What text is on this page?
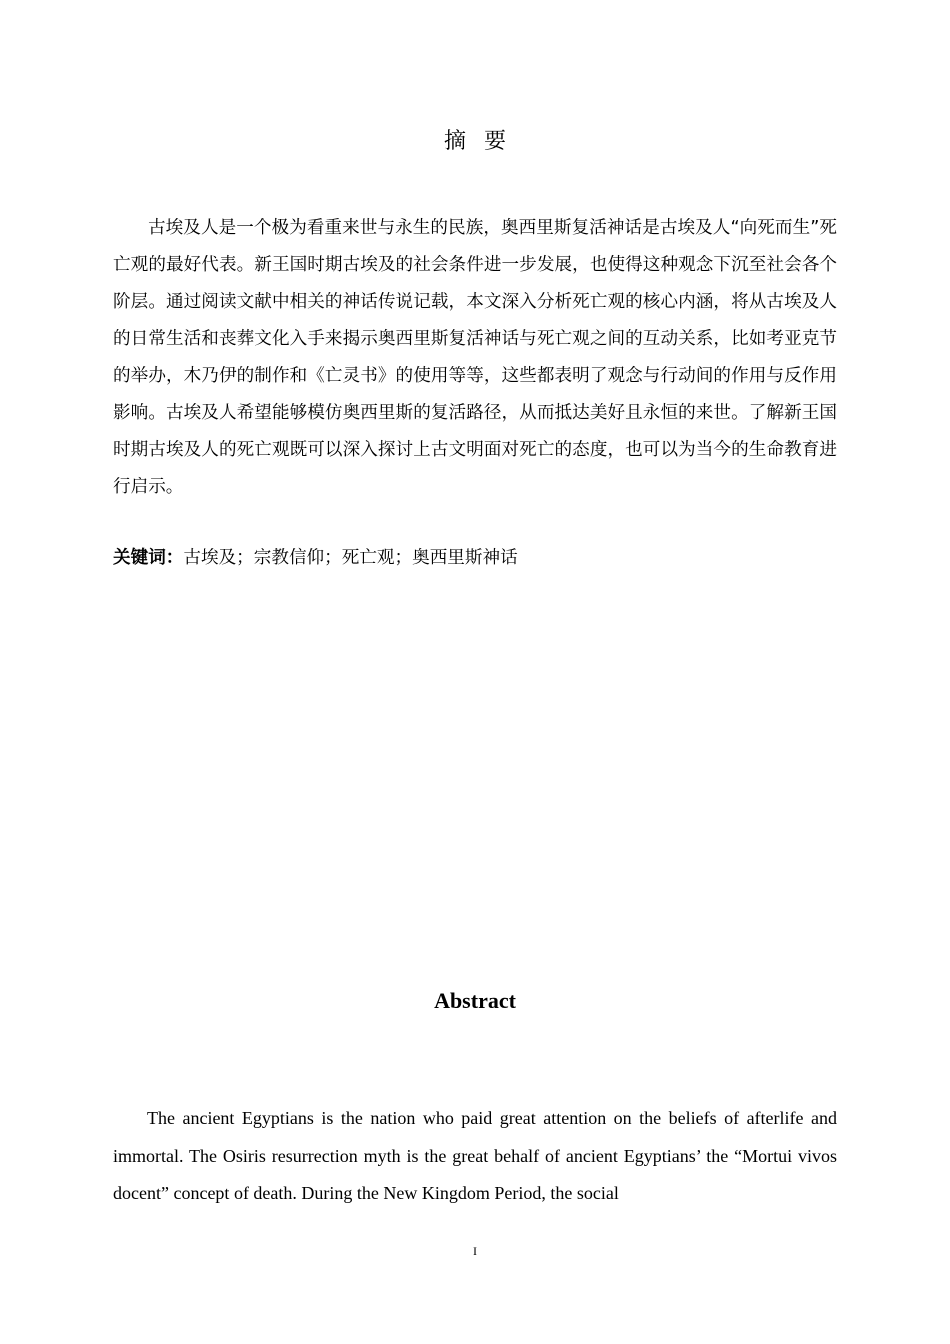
摘要

古埃及人是一个极为看重来世与永生的民族，奥西里斯复活神话是古埃及人“向死而生”死亡观的最好代表。新王国时期古埃及的社会条件进一步发展，也使得这种观念下沉至社会各个阶层。通过阅读文献中相关的神话传说记载，本文深入分析死亡观的核心内涵，将从古埃及人的日常生活和丧葬文化入手来揭示奥西里斯复活神话与死亡观之间的互动关系，比如考亚克节的举办，木乃伊的制作和《亡灵书》的使用等等，这些都表明了观念与行动间的作用与反作用影响。古埃及人希望能够模仿奥西里斯的复活路径，从而抵达美好且永恒的来世。了解新王国时期古埃及人的死亡观既可以深入探讨上古文明面对死亡的态度，也可以为当今的生命教育进行启示。

关键词：古埃及；宗教信仰；死亡观；奥西里斯神话

Abstract

The ancient Egyptians is the nation who paid great attention on the beliefs of afterlife and immortal. The Osiris resurrection myth is the great behalf of ancient Egyptians’ the “Mortui vivos docent” concept of death. During the New Kingdom Period, the social

I
